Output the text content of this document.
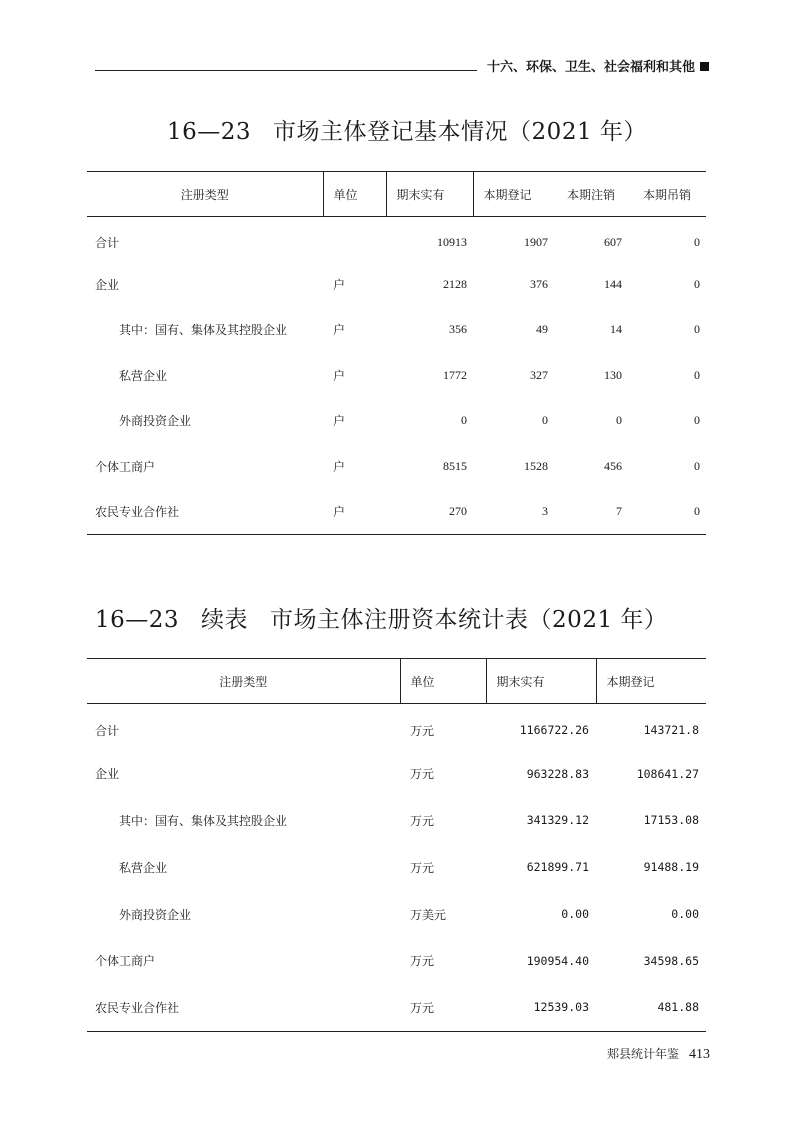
十六、环保、卫生、社会福利和其他
16—23 市场主体登记基本情况（2021 年）
注册类型	单位	期末实有	本期登记	本期注销	本期吊销
合计		10913	1907	607	0
企业	户	2128	376	144	0
其中：国有、集体及其控股企业	户	356	49	14	0
私营企业	户	1772	327	130	0
外商投资企业	户	0	0	0	0
个体工商户	户	8515	1528	456	0
农民专业合作社	户	270	3	7	0
16—23 续表 市场主体注册资本统计表（2021 年）
注册类型	单位	期末实有	本期登记
合计	万元	1166722.26	143721.8
企业	万元	963228.83	108641.27
其中：国有、集体及其控股企业	万元	341329.12	17153.08
私营企业	万元	621899.71	91488.19
外商投资企业	万美元	0.00	0.00
个体工商户	万元	190954.40	34598.65
农民专业合作社	万元	12539.03	481.88
郏县统计年鉴 413
